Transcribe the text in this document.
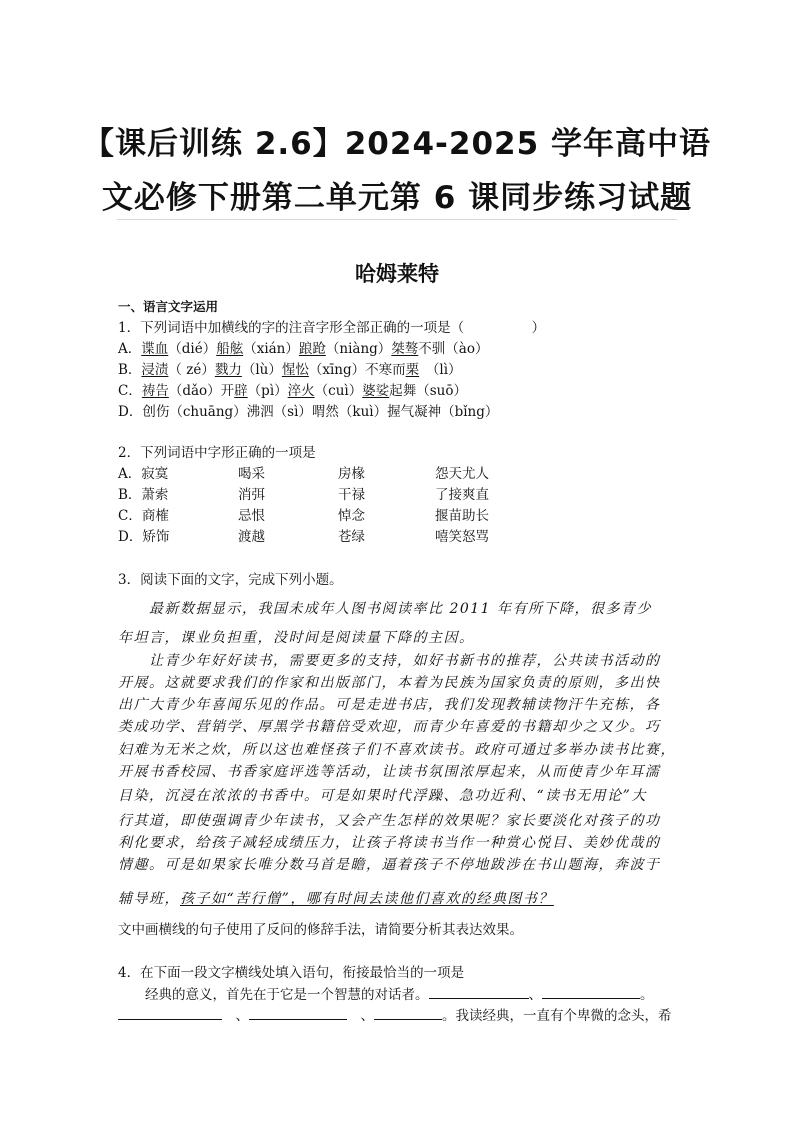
【课后训练 2.6】2024-2025 学年高中语
文必修下册第二单元第 6 课同步练习试题
哈姆莱特
一、语言文字运用
1．下列词语中加横线的字的注音字形全部正确的一项是（　　　　　）
A．谍血（dié）船舷（xián）踉跄（niàng）桀骜不驯（ào）
B．浸渍（ zé）戮力（lù）惺忪（xīng）不寒而栗　（lì）
C．祷告（dǎo）开辟（pì）淬火（cuì）婆娑起舞（suō）
D．创伤（chuāng）沸泗（sì）喟然（kuì）握气凝神（bǐng）
2．下列词语中字形正确的一项是
A．寂寞	喝采	房椽	怨天尤人
B．萧索	消弭	干禄	了接爽直
C．商榷	忌恨	悼念	揠苗助长
D．矫饰	渡越	苍绿	嘻笑怒骂
3．阅读下面的文字，完成下列小题。
　　最新数据显示，我国未成年人图书阅读率比 2011 年有所下降，很多青少
年坦言，课业负担重，没时间是阅读量下降的主因。
　　让青少年好好读书，需要更多的支持，如好书新书的推荐，公共读书活动的
开展。这就要求我们的作家和出版部门，本着为民族为国家负责的原则，多出快
出广大青少年喜闻乐见的作品。可是走进书店，我们发现教辅读物汗牛充栋，各
类成功学、营销学、厚黑学书籍倍受欢迎，而青少年喜爱的书籍却少之又少。巧
妇难为无米之炊，所以这也难怪孩子们不喜欢读书。政府可通过多举办读书比赛，
开展书香校园、书香家庭评选等活动，让读书氛围浓厚起来，从而使青少年耳濡
目染，沉浸在浓浓的书香中。可是如果时代浮躁、急功近利、“读书无用论”大
行其道，即使强调青少年读书，又会产生怎样的效果呢？家长要淡化对孩子的功
利化要求，给孩子减轻成绩压力，让孩子将读书当作一种赏心悦目、美妙优哉的
情趣。可是如果家长唯分数马首是瞻，逼着孩子不停地跋涉在书山题海，奔波于
辅导班，孩子如“苦行僧”，哪有时间去读他们喜欢的经典图书？
文中画横线的句子使用了反问的修辞手法，请简要分析其表达效果。
4．在下面一段文字横线处填入语句，衔接最恰当的一项是
　　经典的意义，首先在于它是一个智慧的对话者。	、	。
　、	　、	。我读经典，一直有个卑微的念头，希
